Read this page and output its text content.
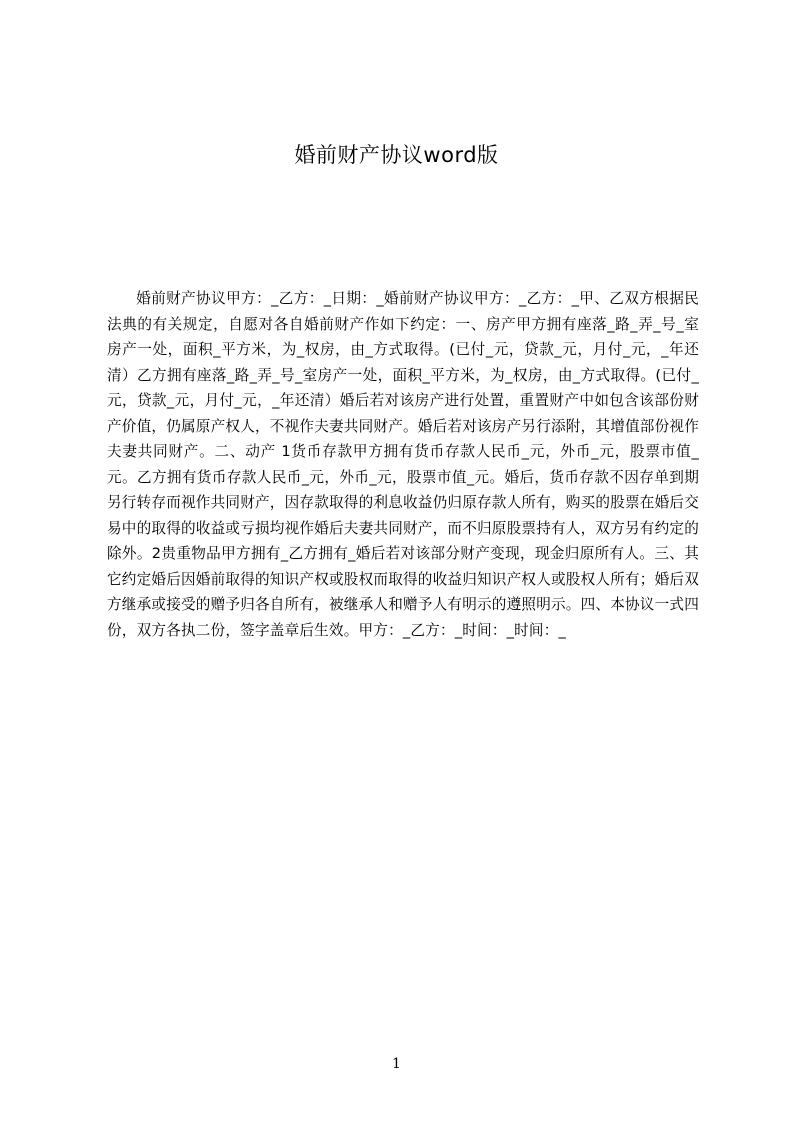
婚前财产协议word版

婚前财产协议甲方：_乙方：_日期：_婚前财产协议甲方：_乙方：_甲、乙双方根据民法典的有关规定，自愿对各自婚前财产作如下约定：一、房产甲方拥有座落_路_弄_号_室房产一处，面积_平方米，为_权房，由_方式取得。(已付_元，贷款_元，月付_元，_年还清）乙方拥有座落_路_弄_号_室房产一处，面积_平方米，为_权房，由_方式取得。(已付_元，贷款_元，月付_元，_年还清）婚后若对该房产进行处置，重置财产中如包含该部份财产价值，仍属原产权人，不视作夫妻共同财产。婚后若对该房产另行添附，其增值部份视作夫妻共同财产。二、动产 1货币存款甲方拥有货币存款人民币_元，外币_元，股票市值_元。乙方拥有货币存款人民币_元，外币_元，股票市值_元。婚后，货币存款不因存单到期另行转存而视作共同财产，因存款取得的利息收益仍归原存款人所有，购买的股票在婚后交易中的取得的收益或亏损均视作婚后夫妻共同财产，而不归原股票持有人，双方另有约定的除外。2贵重物品甲方拥有_乙方拥有_婚后若对该部分财产变现，现金归原所有人。三、其它约定婚后因婚前取得的知识产权或股权而取得的收益归知识产权人或股权人所有；婚后双方继承或接受的赠予归各自所有，被继承人和赠予人有明示的遵照明示。四、本协议一式四份，双方各执二份，签字盖章后生效。甲方：_乙方：_时间：_时间：_

1
